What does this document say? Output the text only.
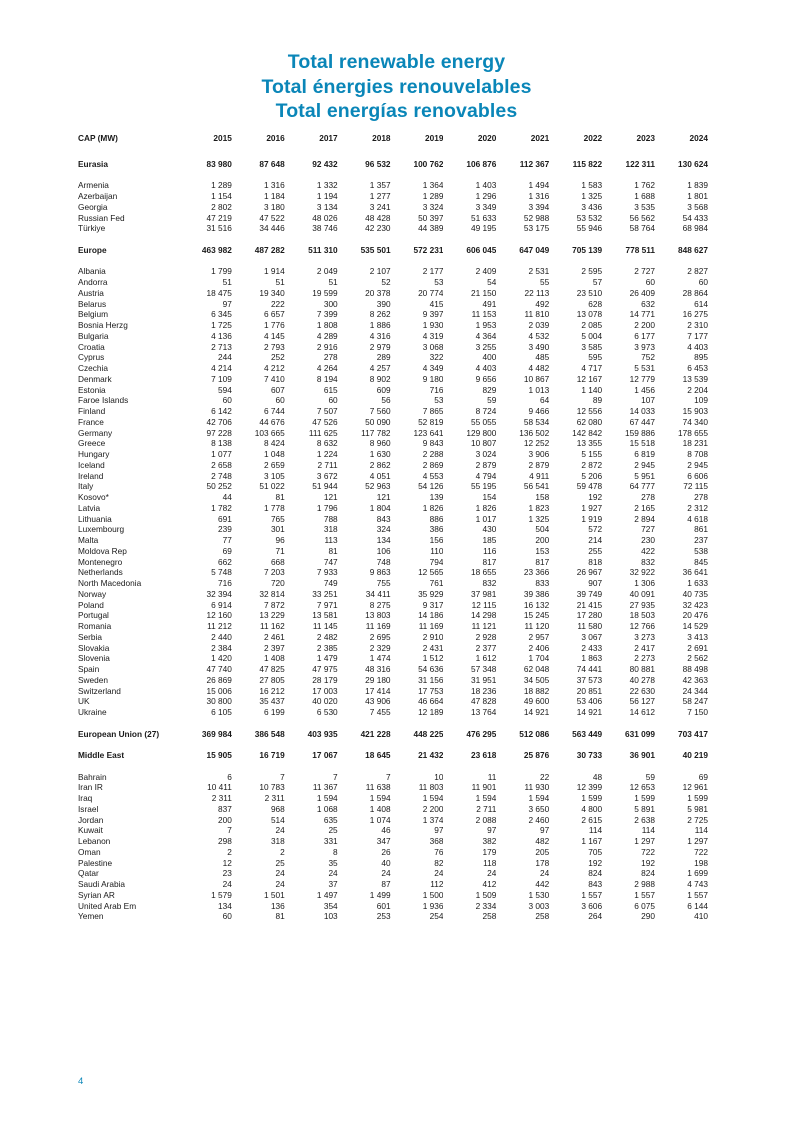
Total renewable energy
Total énergies renouvelables
Total energías renovables
CAP (MW)	2015	2016	2017	2018	2019	2020	2021	2022	2023	2024

Eurasia	83 980	87 648	92 432	96 532	100 762	106 876	112 367	115 822	122 311	130 624

Armenia	1 289	1 316	1 332	1 357	1 364	1 403	1 494	1 583	1 762	1 839
Azerbaijan	1 154	1 184	1 194	1 277	1 289	1 296	1 316	1 325	1 688	1 801
Georgia	2 802	3 180	3 134	3 241	3 324	3 349	3 394	3 436	3 535	3 568
Russian Fed	47 219	47 522	48 026	48 428	50 397	51 633	52 988	53 532	56 562	54 433
Türkiye	31 516	34 446	38 746	42 230	44 389	49 195	53 175	55 946	58 764	68 984

Europe	463 982	487 282	511 310	535 501	572 231	606 045	647 049	705 139	778 511	848 627

Albania	1 799	1 914	2 049	2 107	2 177	2 409	2 531	2 595	2 727	2 827
Andorra	51	51	51	52	53	54	55	57	60	60
Austria	18 475	19 340	19 599	20 378	20 774	21 150	22 113	23 510	26 409	28 864
Belarus	97	222	300	390	415	491	492	628	632	614
Belgium	6 345	6 657	7 399	8 262	9 397	11 153	11 810	13 078	14 771	16 275
Bosnia Herzg	1 725	1 776	1 808	1 886	1 930	1 953	2 039	2 085	2 200	2 310
Bulgaria	4 136	4 145	4 289	4 316	4 319	4 364	4 532	5 004	6 177	7 177
Croatia	2 713	2 793	2 916	2 979	3 068	3 255	3 490	3 585	3 973	4 403
Cyprus	244	252	278	289	322	400	485	595	752	895
Czechia	4 214	4 212	4 264	4 257	4 349	4 403	4 482	4 717	5 531	6 453
Denmark	7 109	7 410	8 194	8 902	9 180	9 656	10 867	12 167	12 779	13 539
Estonia	594	607	615	609	716	829	1 013	1 140	1 456	2 204
Faroe Islands	60	60	60	56	53	59	64	89	107	109
Finland	6 142	6 744	7 507	7 560	7 865	8 724	9 466	12 556	14 033	15 903
France	42 706	44 676	47 526	50 090	52 819	55 055	58 534	62 080	67 447	74 340
Germany	97 228	103 665	111 625	117 782	123 641	129 800	136 502	142 842	159 886	178 655
Greece	8 138	8 424	8 632	8 960	9 843	10 807	12 252	13 355	15 518	18 231
Hungary	1 077	1 048	1 224	1 630	2 288	3 024	3 906	5 155	6 819	8 708
Iceland	2 658	2 659	2 711	2 862	2 869	2 879	2 879	2 872	2 945	2 945
Ireland	2 748	3 105	3 672	4 051	4 553	4 794	4 911	5 206	5 951	6 606
Italy	50 252	51 022	51 944	52 963	54 126	55 195	56 541	59 478	64 777	72 115
Kosovo*	44	81	121	121	139	154	158	192	278	278
Latvia	1 782	1 778	1 796	1 804	1 826	1 826	1 823	1 927	2 165	2 312
Lithuania	691	765	788	843	886	1 017	1 325	1 919	2 894	4 618
Luxembourg	239	301	318	324	386	430	504	572	727	861
Malta	77	96	113	134	156	185	200	214	230	237
Moldova Rep	69	71	81	106	110	116	153	255	422	538
Montenegro	662	668	747	748	794	817	817	818	832	845
Netherlands	5 748	7 203	7 933	9 863	12 565	18 655	23 366	26 967	32 922	36 641
North Macedonia	716	720	749	755	761	832	833	907	1 306	1 633
Norway	32 394	32 814	33 251	34 411	35 929	37 981	39 386	39 749	40 091	40 735
Poland	6 914	7 872	7 971	8 275	9 317	12 115	16 132	21 415	27 935	32 423
Portugal	12 160	13 229	13 581	13 803	14 186	14 298	15 245	17 280	18 503	20 476
Romania	11 212	11 162	11 145	11 169	11 169	11 121	11 120	11 580	12 766	14 529
Serbia	2 440	2 461	2 482	2 695	2 910	2 928	2 957	3 067	3 273	3 413
Slovakia	2 384	2 397	2 385	2 329	2 431	2 377	2 406	2 433	2 417	2 691
Slovenia	1 420	1 408	1 479	1 474	1 512	1 612	1 704	1 863	2 273	2 562
Spain	47 740	47 825	47 975	48 316	54 636	57 348	62 048	74 441	80 881	88 498
Sweden	26 869	27 805	28 179	29 180	31 156	31 951	34 505	37 573	40 278	42 363
Switzerland	15 006	16 212	17 003	17 414	17 753	18 236	18 882	20 851	22 630	24 344
UK	30 800	35 437	40 020	43 906	46 664	47 828	49 600	53 406	56 127	58 247
Ukraine	6 105	6 199	6 530	7 455	12 189	13 764	14 921	14 921	14 612	7 150

European Union (27)	369 984	386 548	403 935	421 228	448 225	476 295	512 086	563 449	631 099	703 417

Middle East	15 905	16 719	17 067	18 645	21 432	23 618	25 876	30 733	36 901	40 219

Bahrain	6	7	7	7	10	11	22	48	59	69
Iran IR	10 411	10 783	11 367	11 638	11 803	11 901	11 930	12 399	12 653	12 961
Iraq	2 311	2 311	1 594	1 594	1 594	1 594	1 594	1 599	1 599	1 599
Israel	837	968	1 068	1 408	2 200	2 711	3 650	4 800	5 891	5 981
Jordan	200	514	635	1 074	1 374	2 088	2 460	2 615	2 638	2 725
Kuwait	7	24	25	46	97	97	97	114	114	114
Lebanon	298	318	331	347	368	382	482	1 167	1 297	1 297
Oman	2	2	8	26	76	179	205	705	722	722
Palestine	12	25	35	40	82	118	178	192	192	198
Qatar	23	24	24	24	24	24	24	824	824	1 699
Saudi Arabia	24	24	37	87	112	412	442	843	2 988	4 743
Syrian AR	1 579	1 501	1 497	1 499	1 500	1 509	1 530	1 557	1 557	1 557
United Arab Em	134	136	354	601	1 936	2 334	3 003	3 606	6 075	6 144
Yemen	60	81	103	253	254	258	258	264	290	410
4
